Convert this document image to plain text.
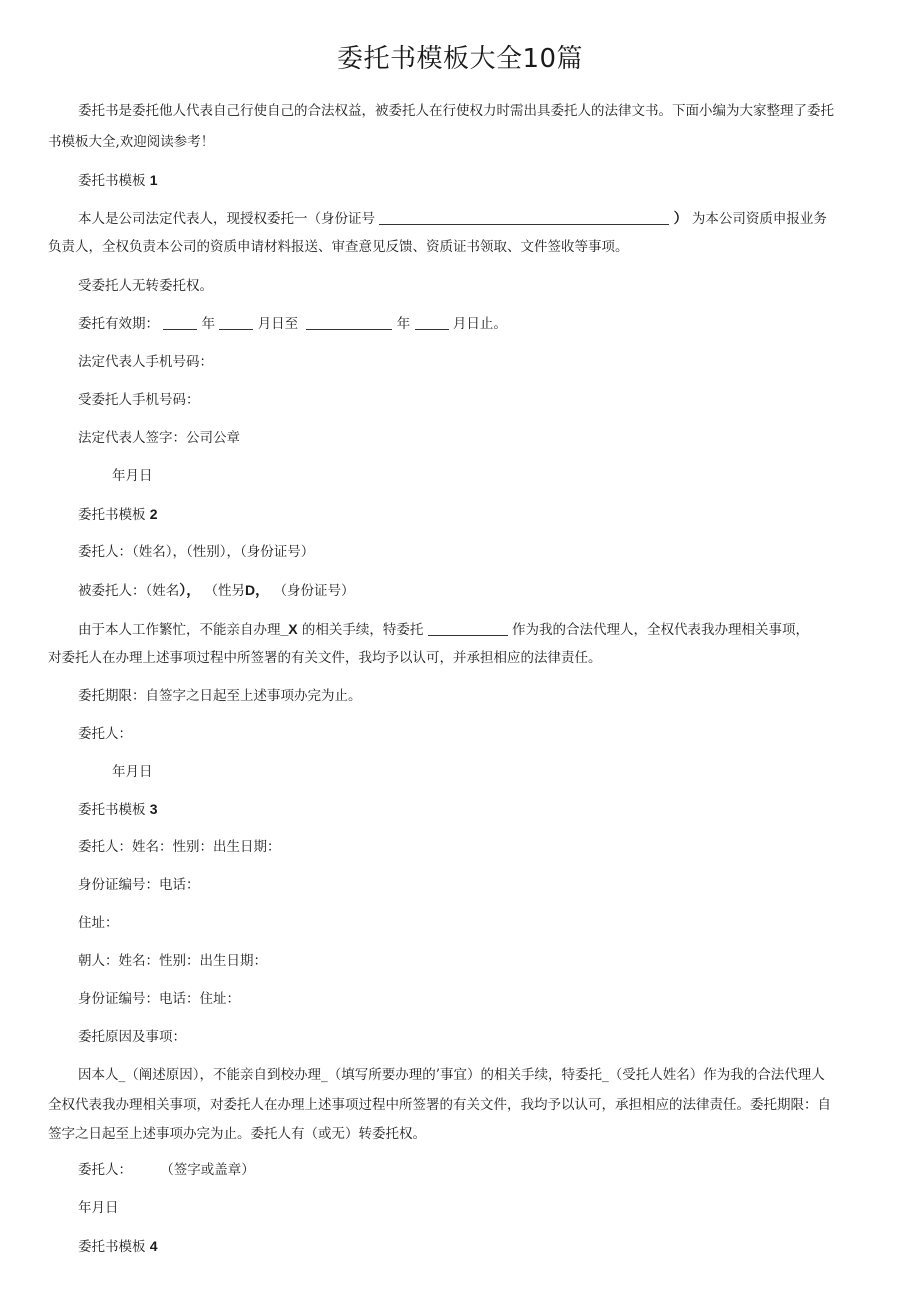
委托书模板大全10篇

委托书是委托他人代表自己行使自己的合法权益，被委托人在行使权力时需出具委托人的法律文书。下面小编为大家整理了委托

书模板大全,欢迎阅读参考！

委托书模板 1

本人是公司法定代表人，现授权委托一（身份证号	） 为本公司资质申报业务

负责人，全权负责本公司的资质申请材料报送、审查意见反馈、资质证书领取、文件签收等事项。

受委托人无转委托权。

委托有效期：	年	月日至	年	月日止。

法定代表人手机号码：

受委托人手机号码：

法定代表人签字：公司公章

年月日

委托书模板 2

委托人：（姓名），（性别），（身份证号）

被委托人：（姓名）， （性另D， （身份证号）

由于本人工作繁忙，不能亲自办理_X 的相关手续，特委托	作为我的合法代理人，全权代表我办理相关事项，

对委托人在办理上述事项过程中所签署的有关文件，我均予以认可，并承担相应的法律责任。

委托期限：自签字之日起至上述事项办完为止。

委托人：

年月日

委托书模板 3

委托人：姓名：性别：出生日期：

身份证编号：电话：

住址：

朝人：姓名：性别：出生日期：

身份证编号：电话：住址：

委托原因及事项：

因本人_（阐述原因），不能亲自到校办理_（填写所要办理的’事宜）的相关手续，特委托_（受托人姓名）作为我的合法代理人

全权代表我办理相关事项，对委托人在办理上述事项过程中所签署的有关文件，我均予以认可，承担相应的法律责任。委托期限：自

签字之日起至上述事项办完为止。委托人有（或无）转委托权。

委托人： （签字或盖章）

年月日

委托书模板 4
